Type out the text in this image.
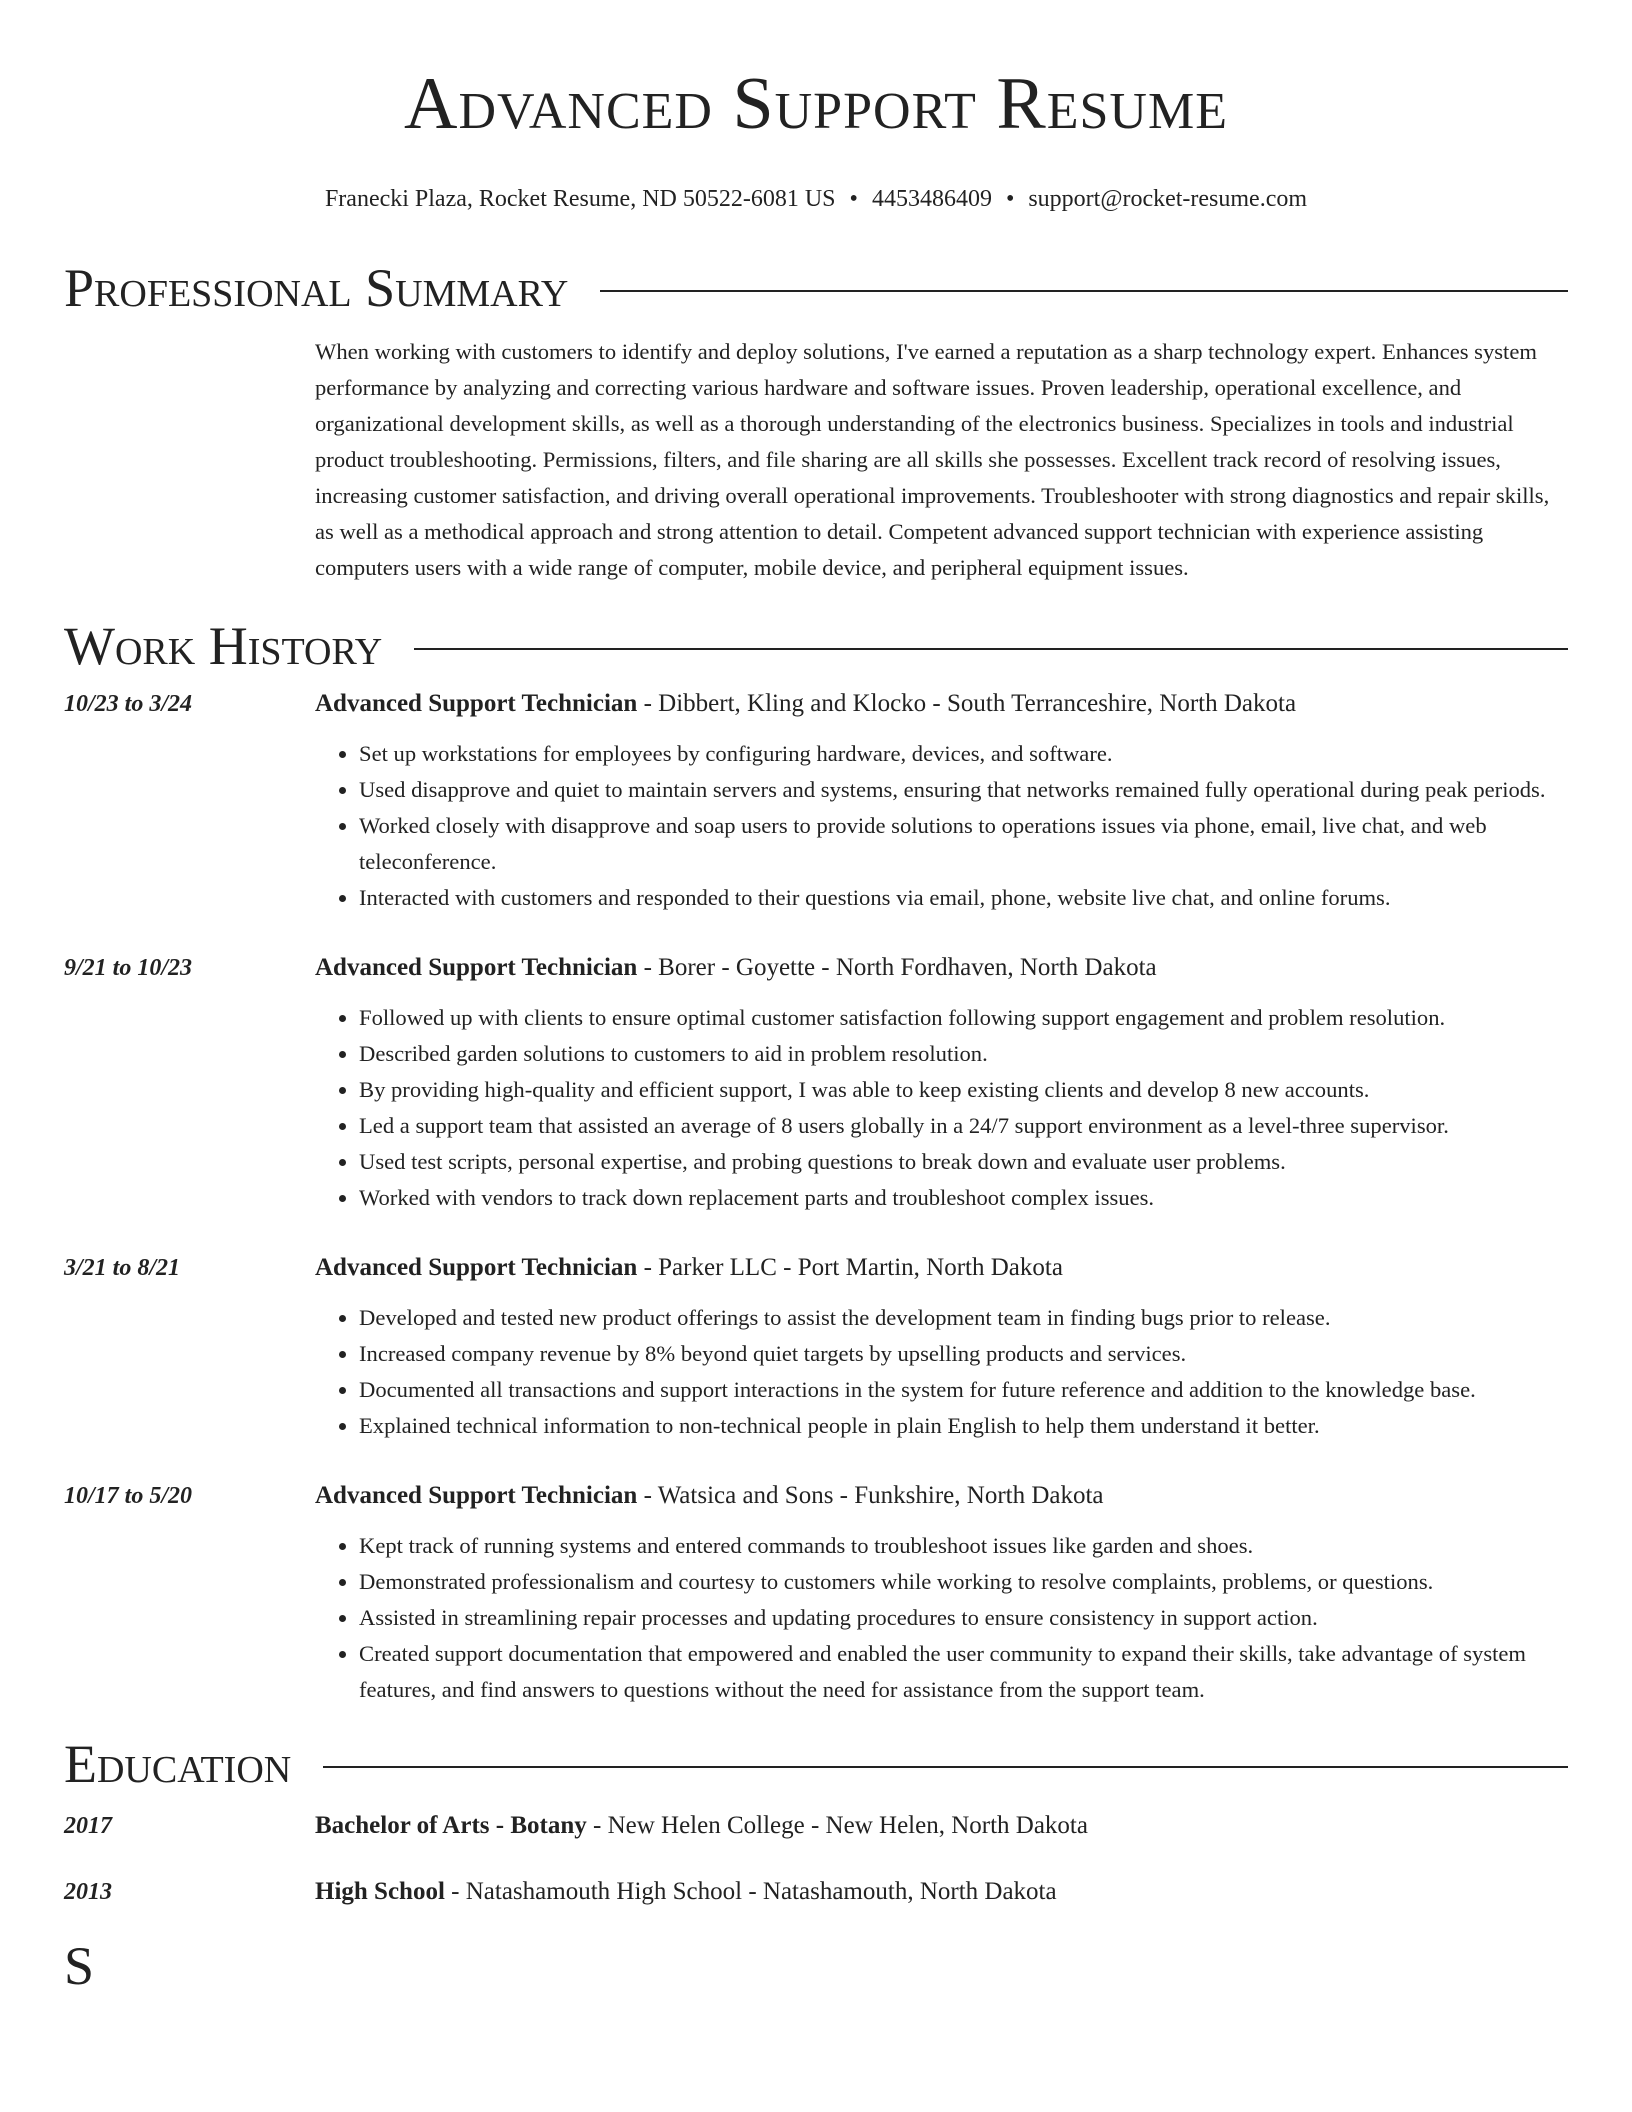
Advanced Support Resume
Franecki Plaza, Rocket Resume, ND 50522-6081 US • 4453486409 • support@rocket-resume.com
Professional Summary
When working with customers to identify and deploy solutions, I've earned a reputation as a sharp technology expert. Enhances system performance by analyzing and correcting various hardware and software issues. Proven leadership, operational excellence, and organizational development skills, as well as a thorough understanding of the electronics business. Specializes in tools and industrial product troubleshooting. Permissions, filters, and file sharing are all skills she possesses. Excellent track record of resolving issues, increasing customer satisfaction, and driving overall operational improvements. Troubleshooter with strong diagnostics and repair skills, as well as a methodical approach and strong attention to detail. Competent advanced support technician with experience assisting computers users with a wide range of computer, mobile device, and peripheral equipment issues.
Work History
10/23 to 3/24	Advanced Support Technician - Dibbert, Kling and Klocko - South Terranceshire, North Dakota
• Set up workstations for employees by configuring hardware, devices, and software.
• Used disapprove and quiet to maintain servers and systems, ensuring that networks remained fully operational during peak periods.
• Worked closely with disapprove and soap users to provide solutions to operations issues via phone, email, live chat, and web teleconference.
• Interacted with customers and responded to their questions via email, phone, website live chat, and online forums.
9/21 to 10/23	Advanced Support Technician - Borer - Goyette - North Fordhaven, North Dakota
• Followed up with clients to ensure optimal customer satisfaction following support engagement and problem resolution.
• Described garden solutions to customers to aid in problem resolution.
• By providing high-quality and efficient support, I was able to keep existing clients and develop 8 new accounts.
• Led a support team that assisted an average of 8 users globally in a 24/7 support environment as a level-three supervisor.
• Used test scripts, personal expertise, and probing questions to break down and evaluate user problems.
• Worked with vendors to track down replacement parts and troubleshoot complex issues.
3/21 to 8/21	Advanced Support Technician - Parker LLC - Port Martin, North Dakota
• Developed and tested new product offerings to assist the development team in finding bugs prior to release.
• Increased company revenue by 8% beyond quiet targets by upselling products and services.
• Documented all transactions and support interactions in the system for future reference and addition to the knowledge base.
• Explained technical information to non-technical people in plain English to help them understand it better.
10/17 to 5/20	Advanced Support Technician - Watsica and Sons - Funkshire, North Dakota
• Kept track of running systems and entered commands to troubleshoot issues like garden and shoes.
• Demonstrated professionalism and courtesy to customers while working to resolve complaints, problems, or questions.
• Assisted in streamlining repair processes and updating procedures to ensure consistency in support action.
• Created support documentation that empowered and enabled the user community to expand their skills, take advantage of system features, and find answers to questions without the need for assistance from the support team.
Education
2017	Bachelor of Arts - Botany - New Helen College - New Helen, North Dakota
2013	High School - Natashamouth High School - Natashamouth, North Dakota
S
